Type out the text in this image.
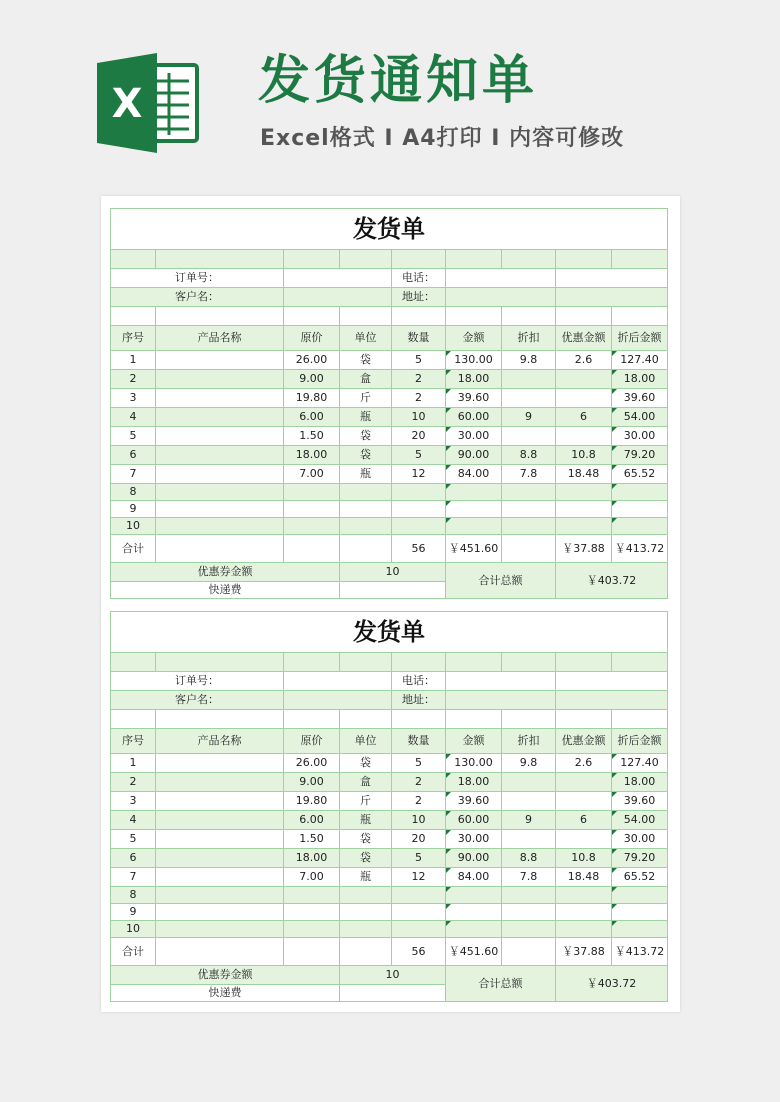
X 发货通知单
Excel格式 I A4打印 I 内容可修改
发货单								

订单号：				电话：				
客户名：				地址：				

序号	产品名称	原价	单位	数量	金额	折扣	优惠金额	折后金额
1		26.00	袋	5	130.00	9.8	2.6	127.40
2		9.00	盒	2	18.00			18.00
3		19.80	斤	2	39.60			39.60
4		6.00	瓶	10	60.00	9	6	54.00
5		1.50	袋	20	30.00			30.00
6		18.00	袋	5	90.00	8.8	10.8	79.20
7		7.00	瓶	12	84.00	7.8	18.48	65.52
8								
9								
10								
合计				56	￥451.60		￥37.88	￥413.72
优惠券金额			10		合计总额		￥403.72	
快递费								
发货单								

订单号：				电话：				
客户名：				地址：				

序号	产品名称	原价	单位	数量	金额	折扣	优惠金额	折后金额
1		26.00	袋	5	130.00	9.8	2.6	127.40
2		9.00	盒	2	18.00			18.00
3		19.80	斤	2	39.60			39.60
4		6.00	瓶	10	60.00	9	6	54.00
5		1.50	袋	20	30.00			30.00
6		18.00	袋	5	90.00	8.8	10.8	79.20
7		7.00	瓶	12	84.00	7.8	18.48	65.52
8								
9								
10								
合计				56	￥451.60		￥37.88	￥413.72
优惠券金额			10		合计总额		￥403.72	
快递费								
